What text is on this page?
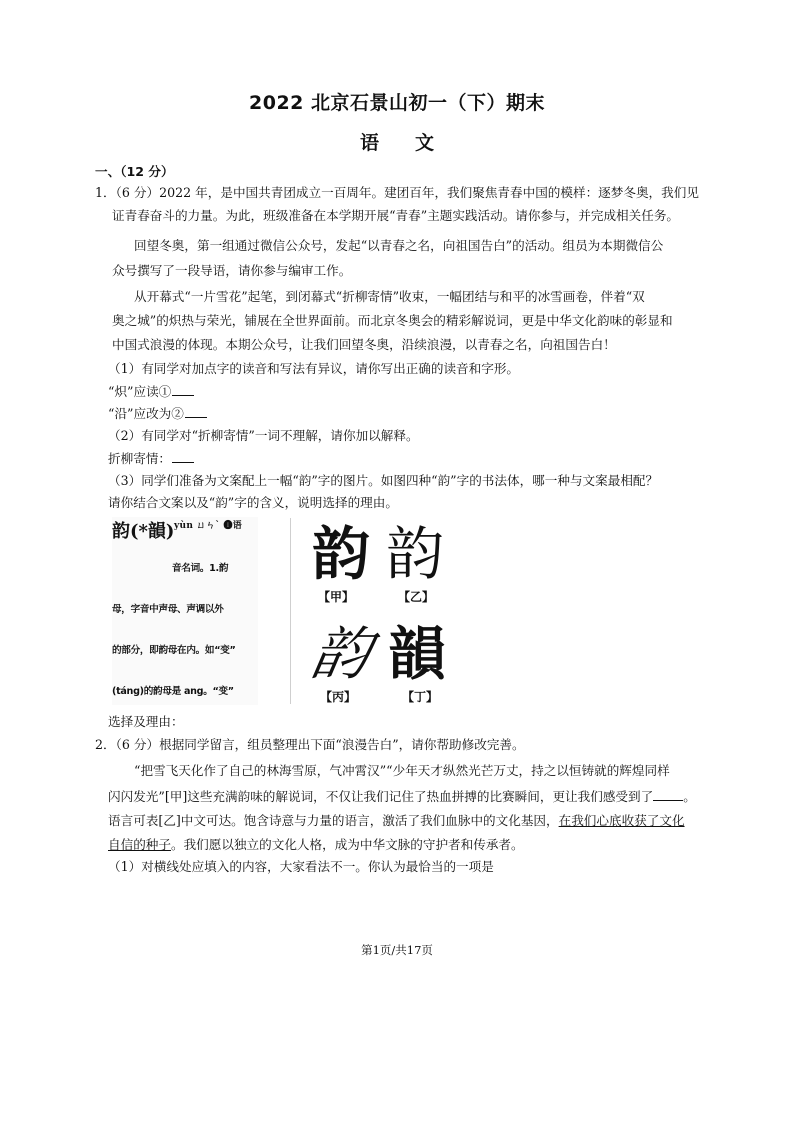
2022 北京石景山初一（下）期末
语文
一、（12 分）
1．（6 分）2022 年，是中国共青团成立一百周年。建团百年，我们聚焦青春中国的模样：逐梦冬奥，我们见
证青春奋斗的力量。为此，班级准备在本学期开展“青春”主题实践活动。请你参与，并完成相关任务。
回望冬奥，第一组通过微信公众号，发起“以青春之名，向祖国告白”的活动。组员为本期微信公
众号撰写了一段导语，请你参与编审工作。
从开幕式“一片雪花”起笔，到闭幕式“折柳寄情”收束，一幅团结与和平的冰雪画卷，伴着“双
奥之城”的炽热与荣光，铺展在全世界面前。而北京冬奥会的精彩解说词，更是中华文化韵味的彰显和
中国式浪漫的体现。本期公众号，让我们回望冬奥，沿续浪漫，以青春之名，向祖国告白！
（1）有同学对加点字的读音和写法有异议，请你写出正确的读音和字形。
“炽”应读①
“沿”应改为②
（2）有同学对“折柳寄情”一词不理解，请你加以解释。
折柳寄情：
（3）同学们准备为文案配上一幅“韵”字的图片。如图四种“韵”字的书法体，哪一种与文案最相配？
请你结合文案以及“韵”字的含义，说明选择的理由。
韵(*韻) yùn ㄩㄣˋ ❶语

音名词。1.韵

母，字音中声母、声调以外

的部分，即韵母在内。如“变”

(táng)的韵母是 ang。“变”

韵
【甲】
韵
【乙】
韵
【丙】
韻
【丁】
选择及理由：
2．（6 分）根据同学留言，组员整理出下面“浪漫告白”，请你帮助修改完善。
“把雪飞天化作了自己的林海雪原，气冲霄汉”“少年天才纵然光芒万丈，持之以恒铸就的辉煌同样
闪闪发光”[甲]这些充满韵味的解说词，不仅让我们记住了热血拼搏的比赛瞬间，更让我们感受到了 。
语言可表[乙]中文可达。饱含诗意与力量的语言，激活了我们血脉中的文化基因，在我们心底收获了文化
自信的种子。我们愿以独立的文化人格，成为中华文脉的守护者和传承者。
（1）对横线处应填入的内容，大家看法不一。你认为最恰当的一项是
第1页/共17页
